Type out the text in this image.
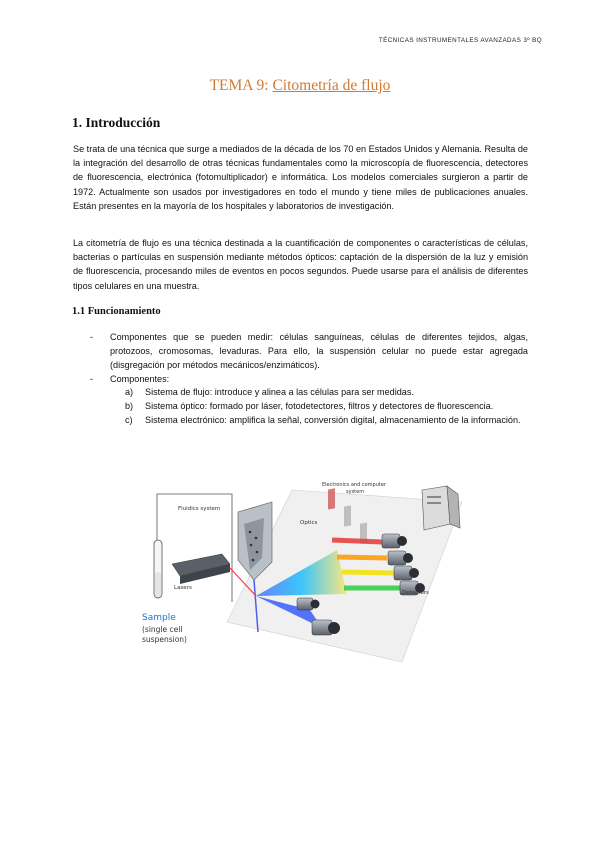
TÉCNICAS INSTRUMENTALES AVANZADAS 3º BQ
TEMA 9: Citometría de flujo
1. Introducción

Se trata de una técnica que surge a mediados de la década de los 70 en Estados Unidos y Alemania. Resulta de la integración del desarrollo de otras técnicas fundamentales como la microscopía de fluorescencia, detectores de fluorescencia, electrónica (fotomultiplicador) e informática. Los modelos comerciales surgieron a partir de 1972. Actualmente son usados por investigadores en todo el mundo y tiene miles de publicaciones anuales. Están presentes en la mayoría de los hospitales y laboratorios de investigación.

La citometría de flujo es una técnica destinada a la cuantificación de componentes o características de células, bacterias o partículas en suspensión mediante métodos ópticos: captación de la dispersión de la luz y emisión de fluorescencia, procesando miles de eventos en pocos segundos. Puede usarse para el análisis de diferentes tipos celulares en una muestra.

1.1 Funcionamiento
- Componentes que se pueden medir: células sanguíneas, células de diferentes tejidos, algas, protozoos, cromosomas, levaduras. Para ello, la suspensión celular no puede estar agregada (disgregación por métodos mecánicos/enzimáticos).
- Componentes:
a) Sistema de flujo: introduce y alinea a las células para ser medidas.
b) Sistema óptico: formado por láser, fotodetectores, filtros y detectores de fluorescencia.
c) Sistema electrónico: amplifica la señal, conversión digital, almacenamiento de la información.
Fluidics system
Lasers
Electronics and computer
system
Optics
Detectors
Sample
(single cell
suspension)
